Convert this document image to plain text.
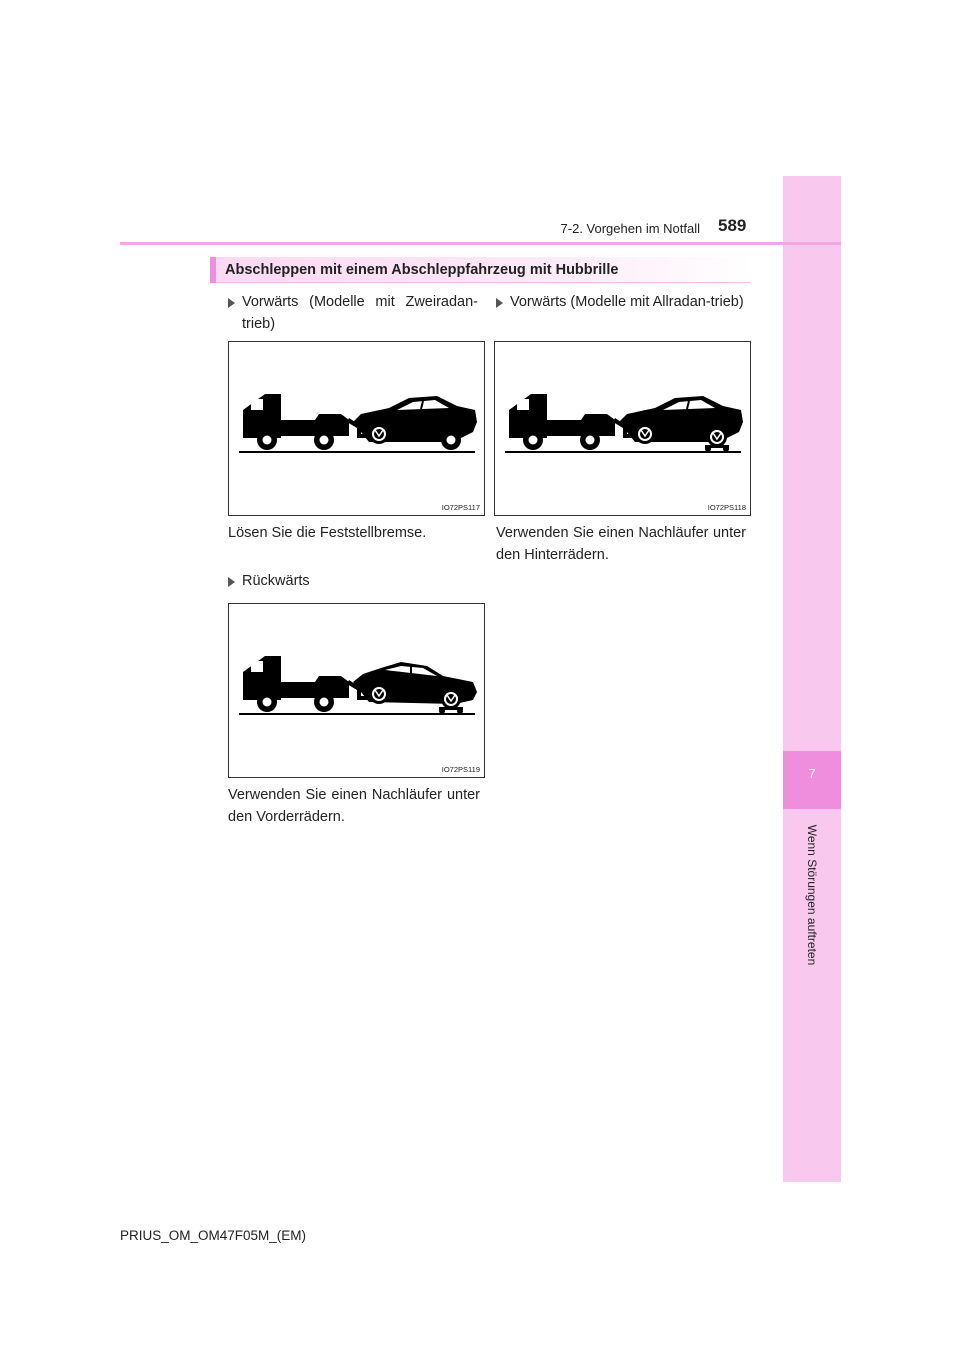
7
Wenn Störungen auftreten
7-2. Vorgehen im Notfall 589
Abschleppen mit einem Abschleppfahrzeug mit Hubbrille
Vorwärts (Modelle mit Zweiradan-trieb)
IO72PS117
Lösen Sie die Feststellbremse.
Vorwärts (Modelle mit Allradan-trieb)
IO72PS118
Verwenden Sie einen Nachläufer unter den Hinterrädern.
Rückwärts
IO72PS119
Verwenden Sie einen Nachläufer unter den Vorderrädern.
PRIUS_OM_OM47F05M_(EM)
